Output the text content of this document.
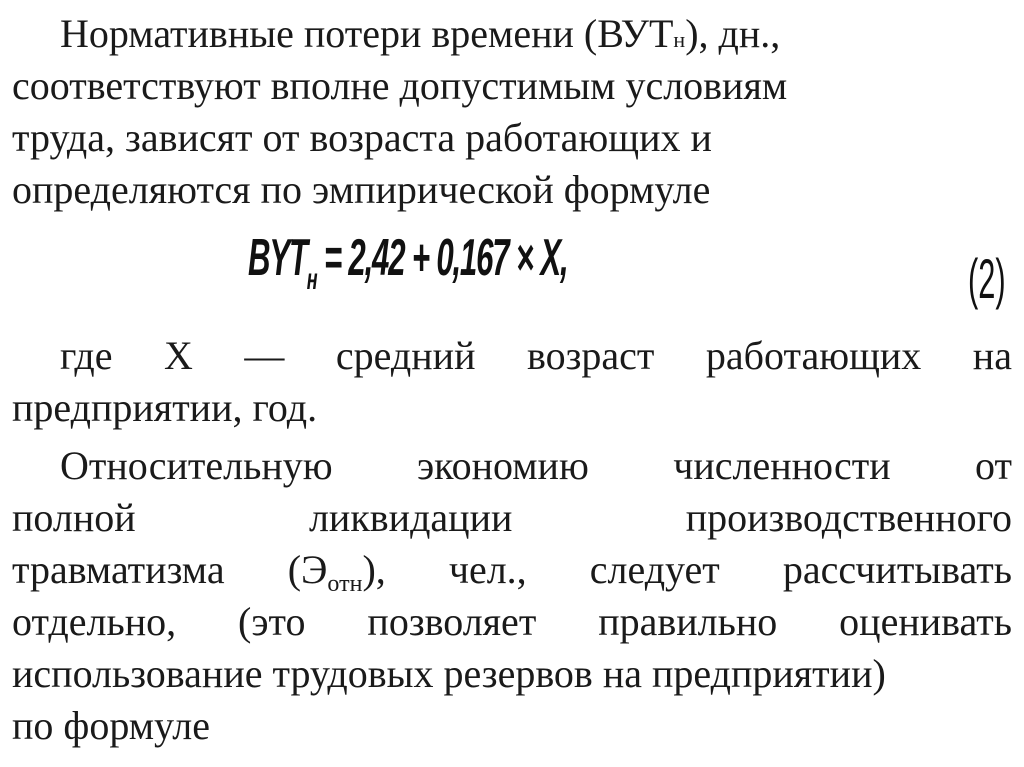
Нормативные потери времени (ВУТн), дн.,
соответствуют вполне допустимым условиям
труда, зависят от возраста работающих и
определяются по эмпирической формуле
$BYT_н = 2,42 + 0,167 \times X$,	(2)
где X — средний возраст работающих на
предприятии, год.
Относительную экономию численности от
полной	ликвидации	производственного
травматизма $(Э_{отн})$, чел., следует рассчитывать
отдельно, (это позволяет правильно оценивать
использование трудовых резервов на предприятии)
по формуле
